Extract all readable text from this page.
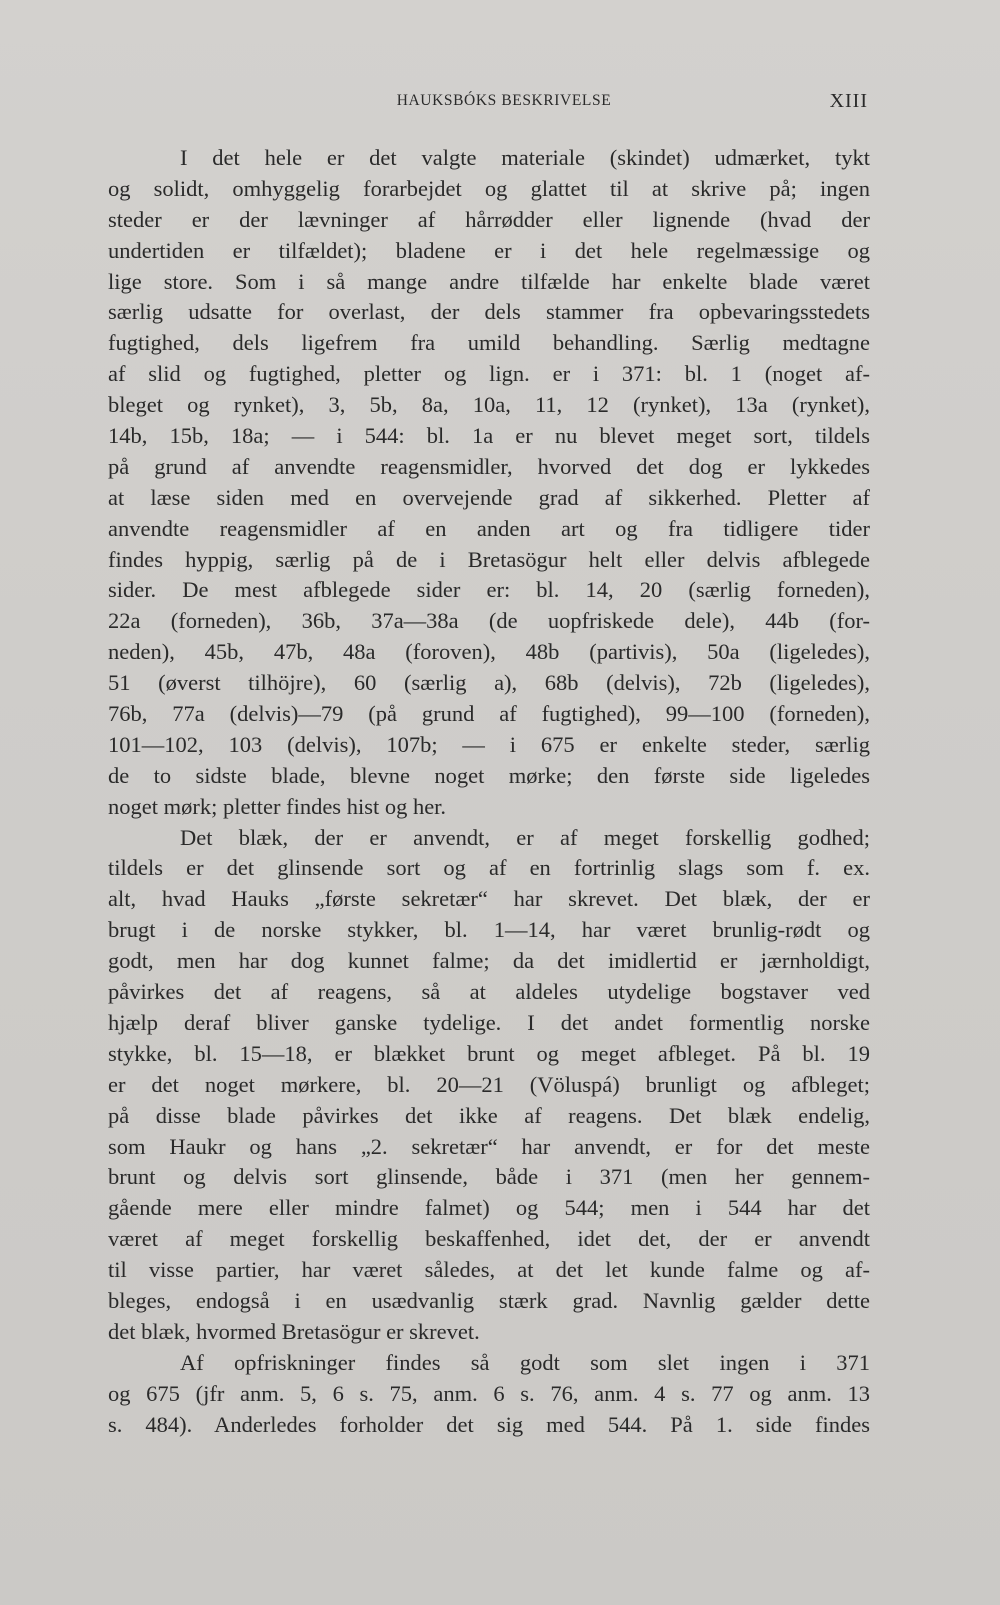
HAUKSBÓKS BESKRIVELSE	XIII
I det hele er det valgte materiale (skindet) udmærket, tykt
og solidt, omhyggelig forarbejdet og glattet til at skrive på; ingen
steder er der lævninger af hårrødder eller lignende (hvad der
undertiden er tilfældet); bladene er i det hele regelmæssige og
lige store. Som i så mange andre tilfælde har enkelte blade været
særlig udsatte for overlast, der dels stammer fra opbevaringsstedets
fugtighed, dels ligefrem fra umild behandling. Særlig medtagne
af slid og fugtighed, pletter og lign. er i 371: bl. 1 (noget af-
bleget og rynket), 3, 5b, 8a, 10a, 11, 12 (rynket), 13a (rynket),
14b, 15b, 18a; — i 544: bl. 1a er nu blevet meget sort, tildels
på grund af anvendte reagensmidler, hvorved det dog er lykkedes
at læse siden med en overvejende grad af sikkerhed. Pletter af
anvendte reagensmidler af en anden art og fra tidligere tider
findes hyppig, særlig på de i Bretasögur helt eller delvis afblegede
sider. De mest afblegede sider er: bl. 14, 20 (særlig forneden),
22a (forneden), 36b, 37a—38a (de uopfriskede dele), 44b (for-
neden), 45b, 47b, 48a (foroven), 48b (partivis), 50a (ligeledes),
51 (øverst tilhöjre), 60 (særlig a), 68b (delvis), 72b (ligeledes),
76b, 77a (delvis)—79 (på grund af fugtighed), 99—100 (forneden),
101—102, 103 (delvis), 107b; — i 675 er enkelte steder, særlig
de to sidste blade, blevne noget mørke; den første side ligeledes
noget mørk; pletter findes hist og her.
Det blæk, der er anvendt, er af meget forskellig godhed;
tildels er det glinsende sort og af en fortrinlig slags som f. ex.
alt, hvad Hauks „første sekretær“ har skrevet. Det blæk, der er
brugt i de norske stykker, bl. 1—14, har været brunlig-rødt og
godt, men har dog kunnet falme; da det imidlertid er jærnholdigt,
påvirkes det af reagens, så at aldeles utydelige bogstaver ved
hjælp deraf bliver ganske tydelige. I det andet formentlig norske
stykke, bl. 15—18, er blækket brunt og meget afbleget. På bl. 19
er det noget mørkere, bl. 20—21 (Völuspá) brunligt og afbleget;
på disse blade påvirkes det ikke af reagens. Det blæk endelig,
som Haukr og hans „2. sekretær“ har anvendt, er for det meste
brunt og delvis sort glinsende, både i 371 (men her gennem-
gående mere eller mindre falmet) og 544; men i 544 har det
været af meget forskellig beskaffenhed, idet det, der er anvendt
til visse partier, har været således, at det let kunde falme og af-
bleges, endogså i en usædvanlig stærk grad. Navnlig gælder dette
det blæk, hvormed Bretasögur er skrevet.
Af opfriskninger findes så godt som slet ingen i 371
og 675 (jfr anm. 5, 6 s. 75, anm. 6 s. 76, anm. 4 s. 77 og anm. 13
s. 484). Anderledes forholder det sig med 544. På 1. side findes
